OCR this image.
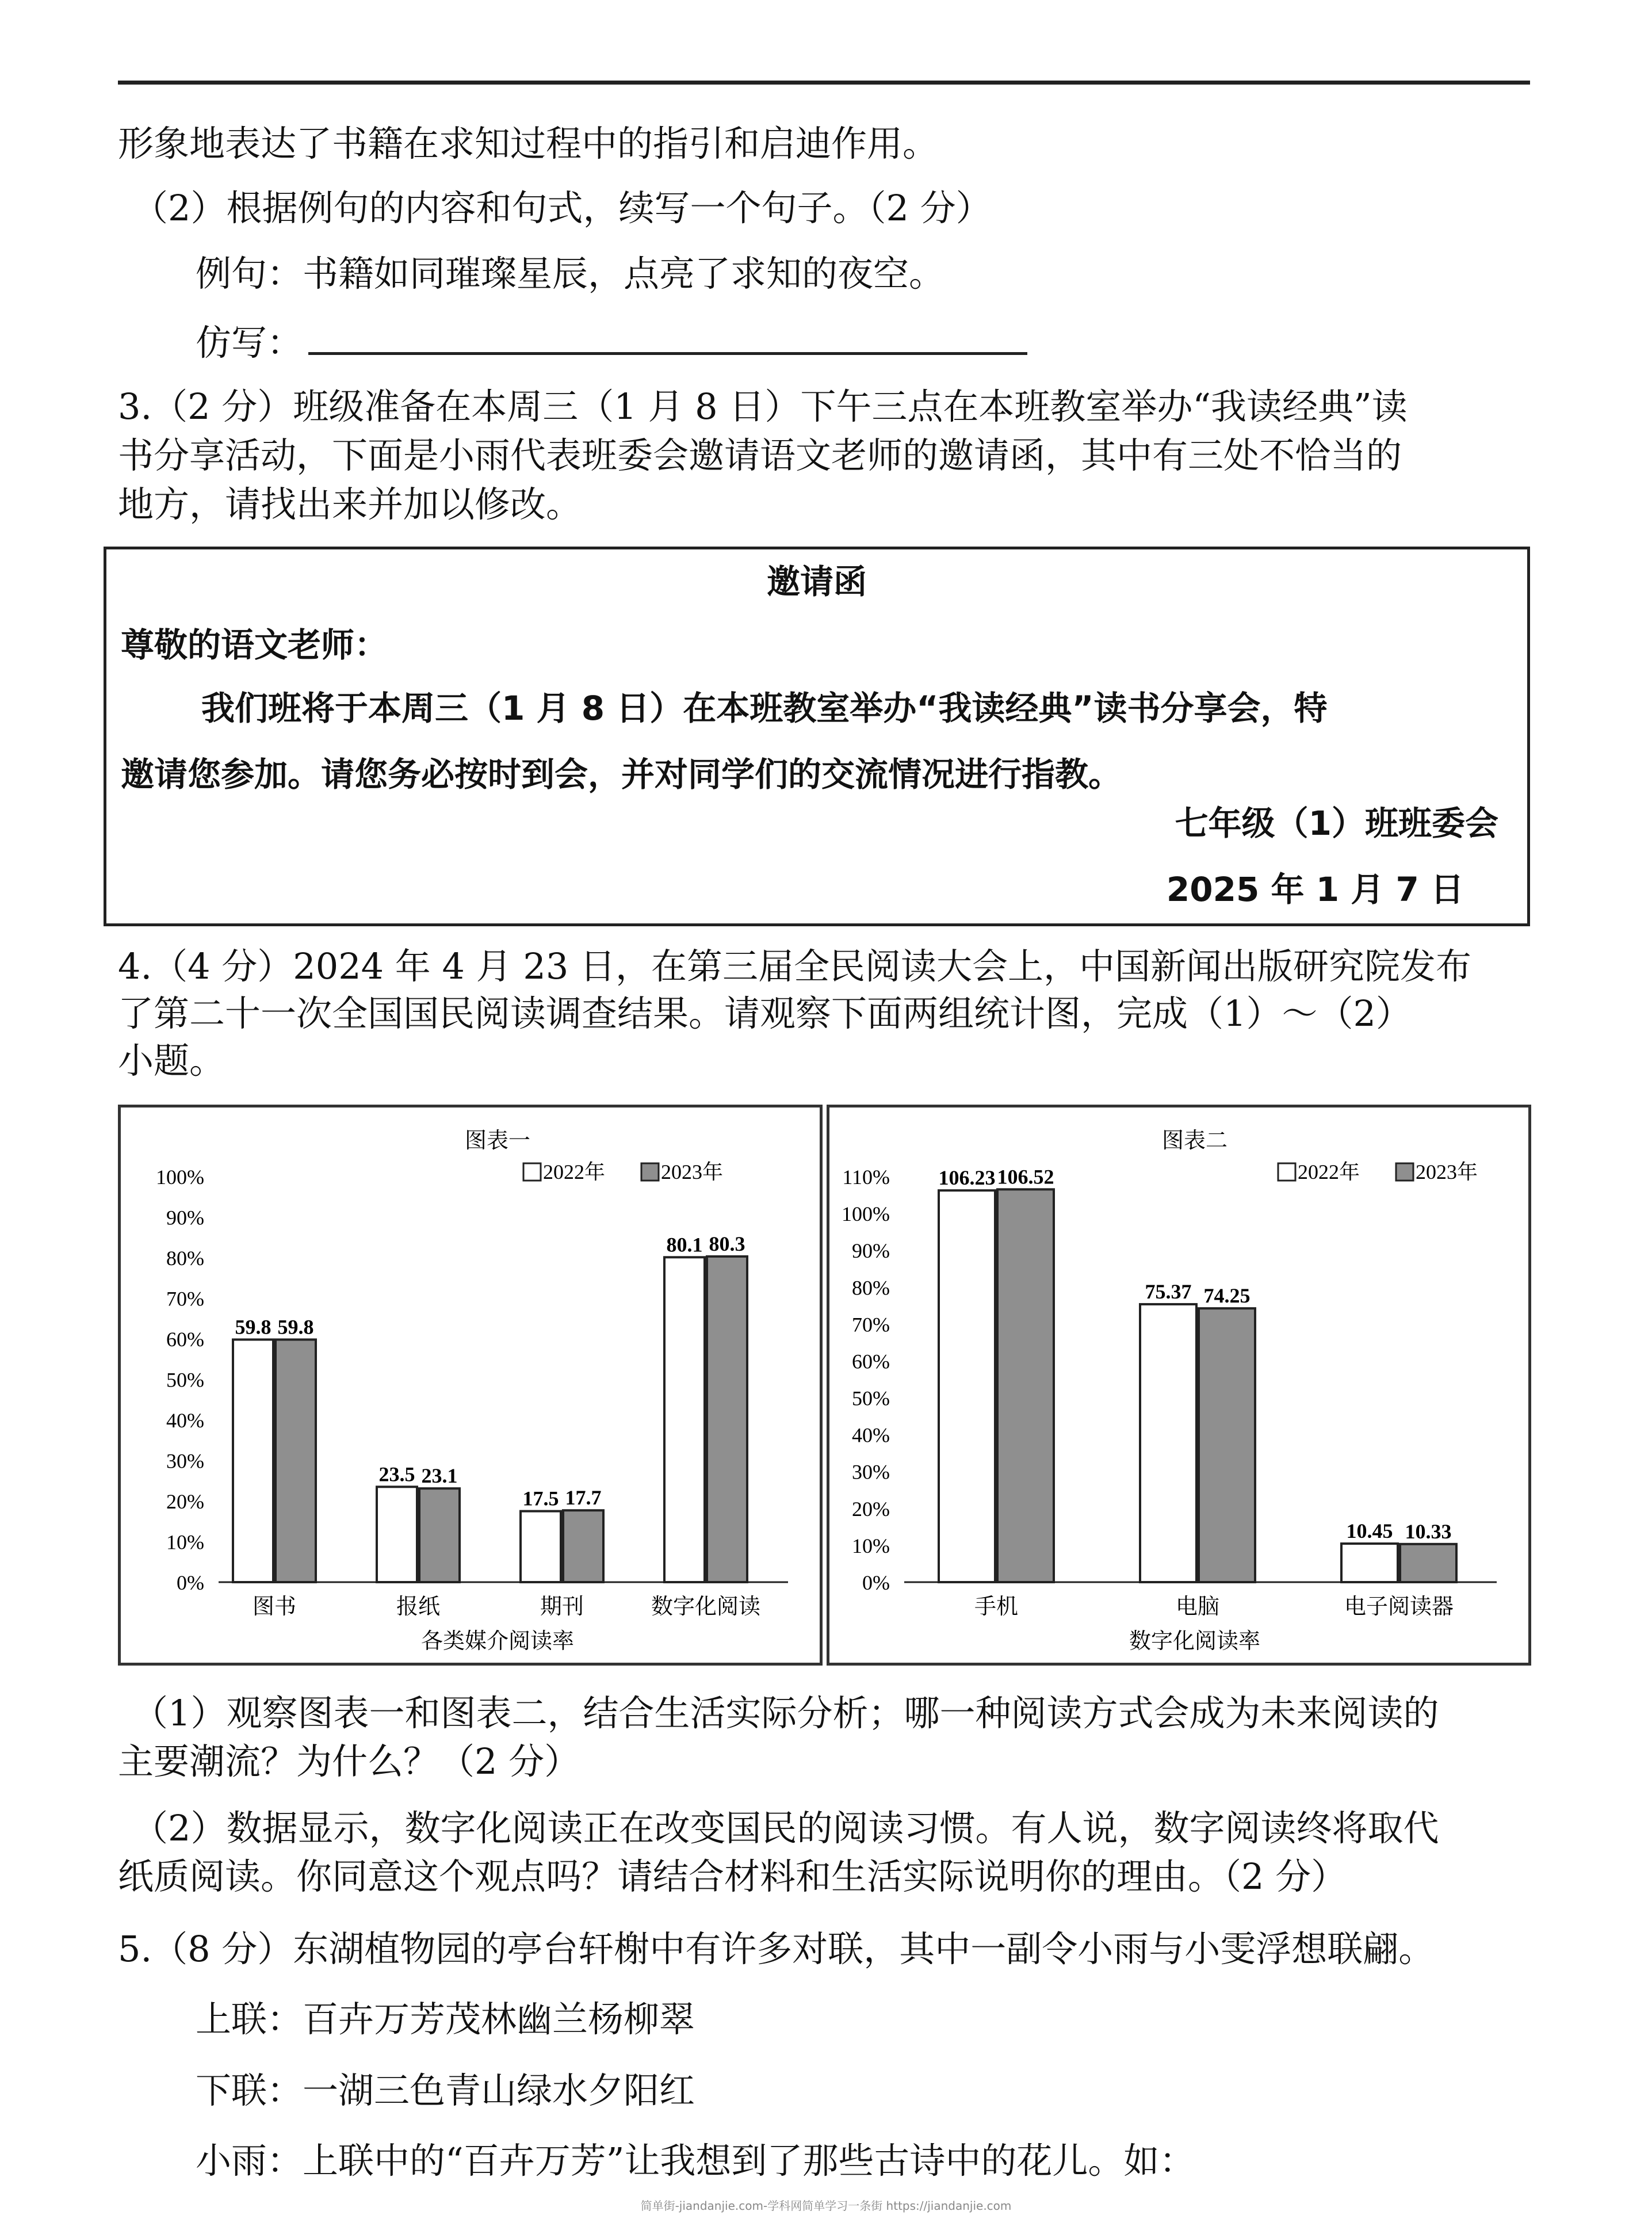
形象地表达了书籍在求知过程中的指引和启迪作用。
（2）根据例句的内容和句式，续写一个句子。（2 分）
例句：书籍如同璀璨星辰，点亮了求知的夜空。
仿写：
3.（2 分）班级准备在本周三（1 月 8 日）下午三点在本班教室举办“我读经典”读
书分享活动，下面是小雨代表班委会邀请语文老师的邀请函，其中有三处不恰当的
地方，请找出来并加以修改。
邀请函
尊敬的语文老师：
我们班将于本周三（1 月 8 日）在本班教室举办“我读经典”读书分享会，特
邀请您参加。请您务必按时到会，并对同学们的交流情况进行指教。
七年级（1）班班委会
2025 年 1 月 7 日
4.（4 分）2024 年 4 月 23 日，在第三届全民阅读大会上，中国新闻出版研究院发布
了第二十一次全国国民阅读调查结果。请观察下面两组统计图，完成（1）～（2）
小题。
图表一
2022年	2023年
0%
10%
20%
30%
40%
50%
60%
70%
80%
90%
100%
59.8 59.8
图书
23.5 23.1
报纸
17.5 17.7
期刊
80.1 80.3
数字化阅读
各类媒介阅读率
图表二
2022年	2023年
0%
10%
20%
30%
40%
50%
60%
70%
80%
90%
100%
110% 106.23 106.52
手机
75.37 74.25
电脑
10.45 10.33
电子阅读器
数字化阅读率
（1）观察图表一和图表二，结合生活实际分析；哪一种阅读方式会成为未来阅读的
主要潮流？为什么？（2 分）
（2）数据显示，数字化阅读正在改变国民的阅读习惯。有人说，数字阅读终将取代
纸质阅读。你同意这个观点吗？请结合材料和生活实际说明你的理由。（2 分）
5.（8 分）东湖植物园的亭台轩榭中有许多对联，其中一副令小雨与小雯浮想联翩。
上联：百卉万芳茂林幽兰杨柳翠
下联：一湖三色青山绿水夕阳红
小雨：上联中的“百卉万芳”让我想到了那些古诗中的花儿。如：
简单街-jiandanjie.com-学科网简单学习一条街 https://jiandanjie.com
